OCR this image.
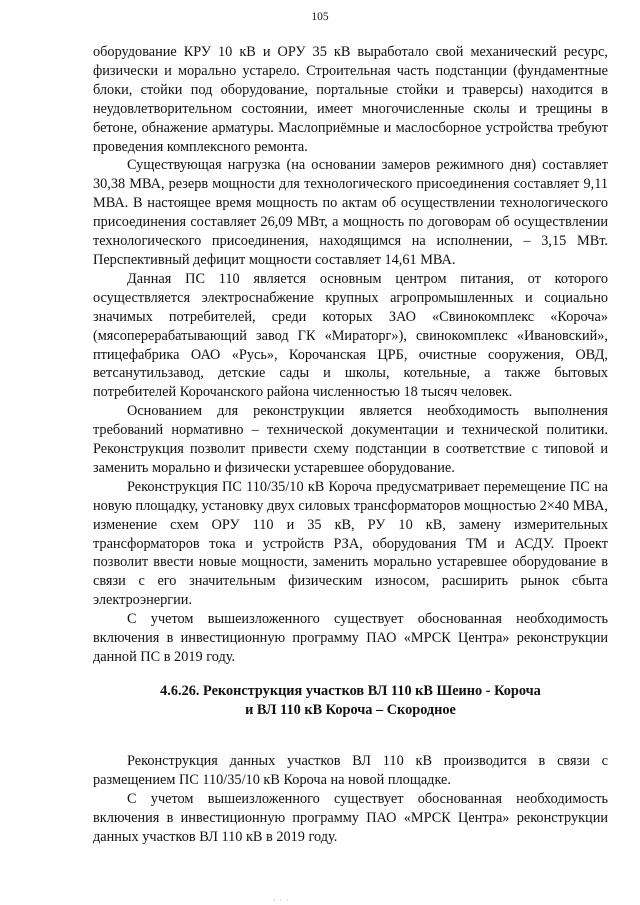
105

оборудование КРУ 10 кВ и ОРУ 35 кВ выработало свой механический ресурс, физически и морально устарело. Строительная часть подстанции (фундаментные блоки, стойки под оборудование, портальные стойки и траверсы) находится в неудовлетворительном состоянии, имеет многочисленные сколы и трещины в бетоне, обнажение арматуры. Маслоприёмные и маслосборное устройства требуют проведения комплексного ремонта.

Существующая нагрузка (на основании замеров режимного дня) составляет 30,38 МВА, резерв мощности для технологического присоединения составляет 9,11 МВА. В настоящее время мощность по актам об осуществлении технологического присоединения составляет 26,09 МВт, а мощность по договорам об осуществлении технологического присоединения, находящимся на исполнении, – 3,15 МВт. Перспективный дефицит мощности составляет 14,61 МВА.

Данная ПС 110 является основным центром питания, от которого осуществляется электроснабжение крупных агропромышленных и социально значимых потребителей, среди которых ЗАО «Свинокомплекс «Короча» (мясоперерабатывающий завод ГК «Мираторг»), свинокомплекс «Ивановский», птицефабрика ОАО «Русь», Корочанская ЦРБ, очистные сооружения, ОВД, ветсанутильзавод, детские сады и школы, котельные, а также бытовых потребителей Корочанского района численностью 18 тысяч человек.

Основанием для реконструкции является необходимость выполнения требований нормативно – технической документации и технической политики. Реконструкция позволит привести схему подстанции в соответствие с типовой и заменить морально и физически устаревшее оборудование.

Реконструкция ПС 110/35/10 кВ Короча предусматривает перемещение ПС на новую площадку, установку двух силовых трансформаторов мощностью 2×40 МВА, изменение схем ОРУ 110 и 35 кВ, РУ 10 кВ, замену измерительных трансформаторов тока и устройств РЗА, оборудования ТМ и АСДУ. Проект позволит ввести новые мощности, заменить морально устаревшее оборудование в связи с его значительным физическим износом, расширить рынок сбыта электроэнергии.

С учетом вышеизложенного существует обоснованная необходимость включения в инвестиционную программу ПАО «МРСК Центра» реконструкции данной ПС в 2019 году.

4.6.26. Реконструкция участков ВЛ 110 кВ Шеино - Короча
и ВЛ 110 кВ Короча – Скородное

Реконструкция данных участков ВЛ 110 кВ производится в связи с размещением ПС 110/35/10 кВ Короча на новой площадке.

С учетом вышеизложенного существует обоснованная необходимость включения в инвестиционную программу ПАО «МРСК Центра» реконструкции данных участков ВЛ 110 кВ в 2019 году.

· · ·
